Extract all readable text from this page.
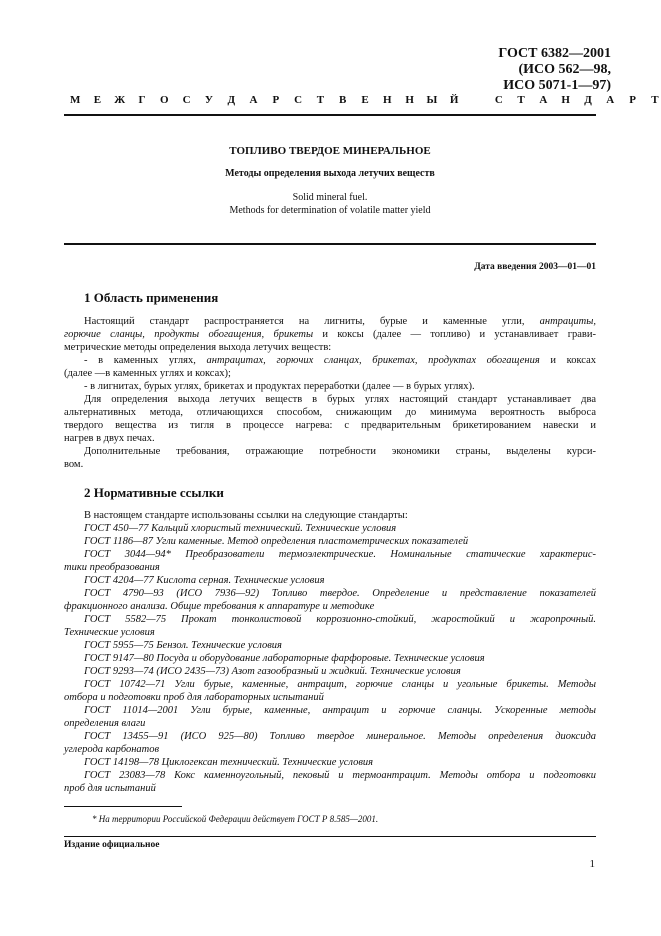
ГОСТ 6382—2001
(ИСО 562—98,
ИСО 5071-1—97)
М Е Ж Г О С У Д А Р С Т В Е Н Н Ы Й	С Т А Н Д А Р Т
ТОПЛИВО ТВЕРДОЕ МИНЕРАЛЬНОЕ
Методы определения выхода летучих веществ
Solid mineral fuel.
Methods for determination of volatile matter yield
Дата введения 2003—01—01
1 Область применения
Настоящий стандарт распространяется на лигниты, бурые и каменные угли, антрациты,
горючие сланцы, продукты обогащения, брикеты и коксы (далее — топливо) и устанавливает грави-
метрические методы определения выхода летучих веществ:
- в каменных углях, антрацитах, горючих сланцах, брикетах, продуктах обогащения и коксах
(далее —в каменных углях и коксах);
- в лигнитах, бурых углях, брикетах и продуктах переработки (далее — в бурых углях).
Для определения выхода летучих веществ в бурых углях настоящий стандарт устанавливает два
альтернативных метода, отличающихся способом, снижающим до минимума вероятность выброса
твердого вещества из тигля в процессе нагрева: с предварительным брикетированием навески и
нагрев в двух печах.
Дополнительные требования, отражающие потребности экономики страны, выделены курси-
вом.
2 Нормативные ссылки
В настоящем стандарте использованы ссылки на следующие стандарты:
ГОСТ 450—77 Кальций хлористый технический. Технические условия
ГОСТ 1186—87 Угли каменные. Метод определения пластометрических показателей
ГОСТ 3044—94* Преобразователи термоэлектрические. Номинальные статические характерис-
тики преобразования
ГОСТ 4204—77 Кислота серная. Технические условия
ГОСТ 4790—93 (ИСО 7936—92) Топливо твердое. Определение и представление показателей
фракционного анализа. Общие требования к аппаратуре и методике
ГОСТ 5582—75 Прокат тонколистовой коррозионно-стойкий, жаростойкий и жаропрочный.
Технические условия
ГОСТ 5955—75 Бензол. Технические условия
ГОСТ 9147—80 Посуда и оборудование лабораторные фарфоровые. Технические условия
ГОСТ 9293—74 (ИСО 2435—73) Азот газообразный и жидкий. Технические условия
ГОСТ 10742—71 Угли бурые, каменные, антрацит, горючие сланцы и угольные брикеты. Методы
отбора и подготовки проб для лабораторных испытаний
ГОСТ 11014—2001 Угли бурые, каменные, антрацит и горючие сланцы. Ускоренные методы
определения влаги
ГОСТ 13455—91 (ИСО 925—80) Топливо твердое минеральное. Методы определения диоксида
углерода карбонатов
ГОСТ 14198—78 Циклогексан технический. Технические условия
ГОСТ 23083—78 Кокс каменноугольный, пековый и термоантрацит. Методы отбора и подготовки
проб для испытаний
* На территории Российской Федерации действует ГОСТ Р 8.585—2001.
Издание официальное
1
